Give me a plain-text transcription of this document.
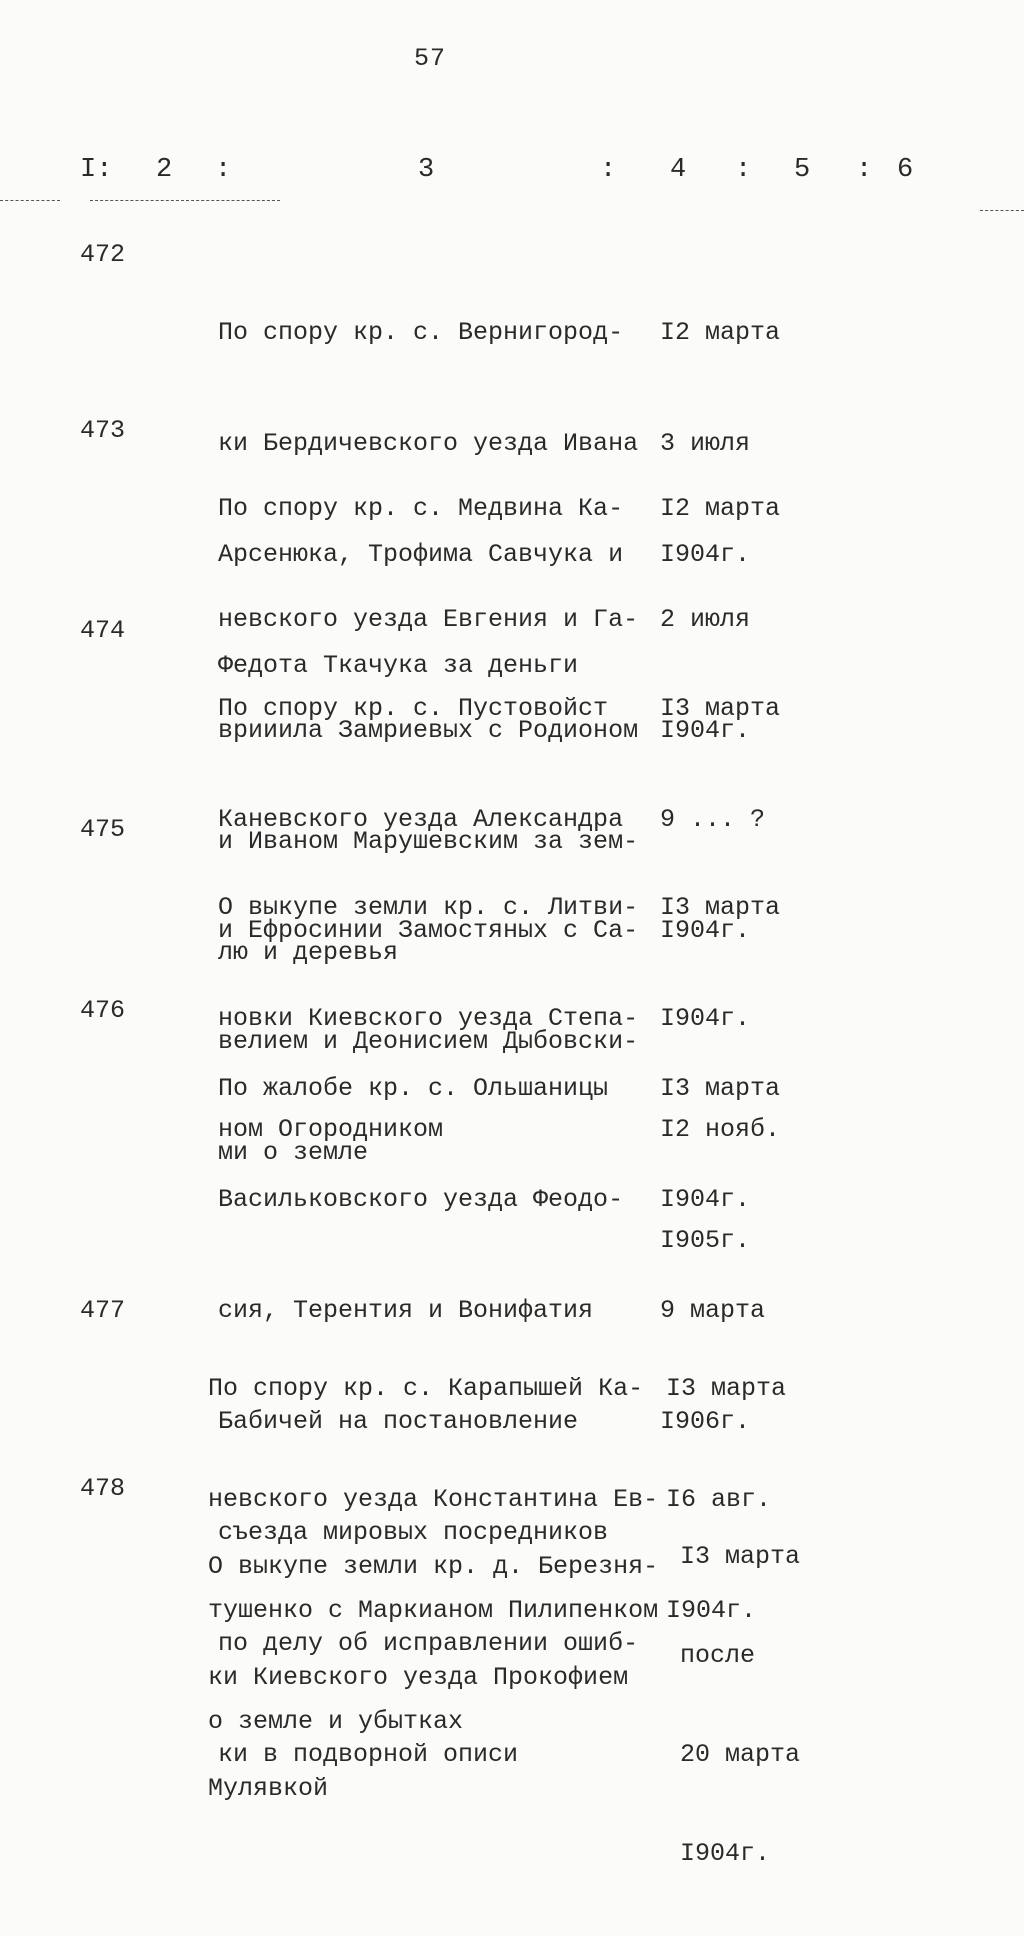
57
I: 2 :	3	: 4 : 5 : 6
472

По спору кр. с. Вернигород-

ки Бердичевского уезда Ивана

Арсенюка, Трофима Савчука и

Федота Ткачука за деньги

I2 марта

3 июля

I904г.

473

По спору кр. с. Медвина Ка-

невского уезда Евгения и Га-

врииила Замриевых с Родионом

и Иваном Марушевским за зем-

лю и деревья

I2 марта

2 июля

I904г.

474

По спору кр. с. Пустовойст

Каневского уезда Александра

и Ефросинии Замостяных с Са-

велием и Деонисием Дыбовски-

ми о земле

I3 марта

9 ... ?

I904г.

475

О выкупе земли кр. с. Литви-

новки Киевского уезда Степа-

ном Огородником

I3 марта

I904г.

I2 нояб.

I905г.

476

По жалобе кр. с. Ольшаницы

Васильковского уезда Феодо-

сия, Терентия и Вонифатия

Бабичей на постановление

съезда мировых посредников

по делу об исправлении ошиб-

ки в подворной описи

I3 марта

I904г.

9 марта

I906г.

477

По спору кр. с. Карапышей Ка-

невского уезда Константина Ев-

тушенко с Маркианом Пилипенком

о земле и убытках

I3 марта

I6 авг.

I904г.

478

О выкупе земли кр. д. Березня-

ки Киевского уезда Прокофием

Мулявкой

I3 марта

после

20 марта

I904г.
